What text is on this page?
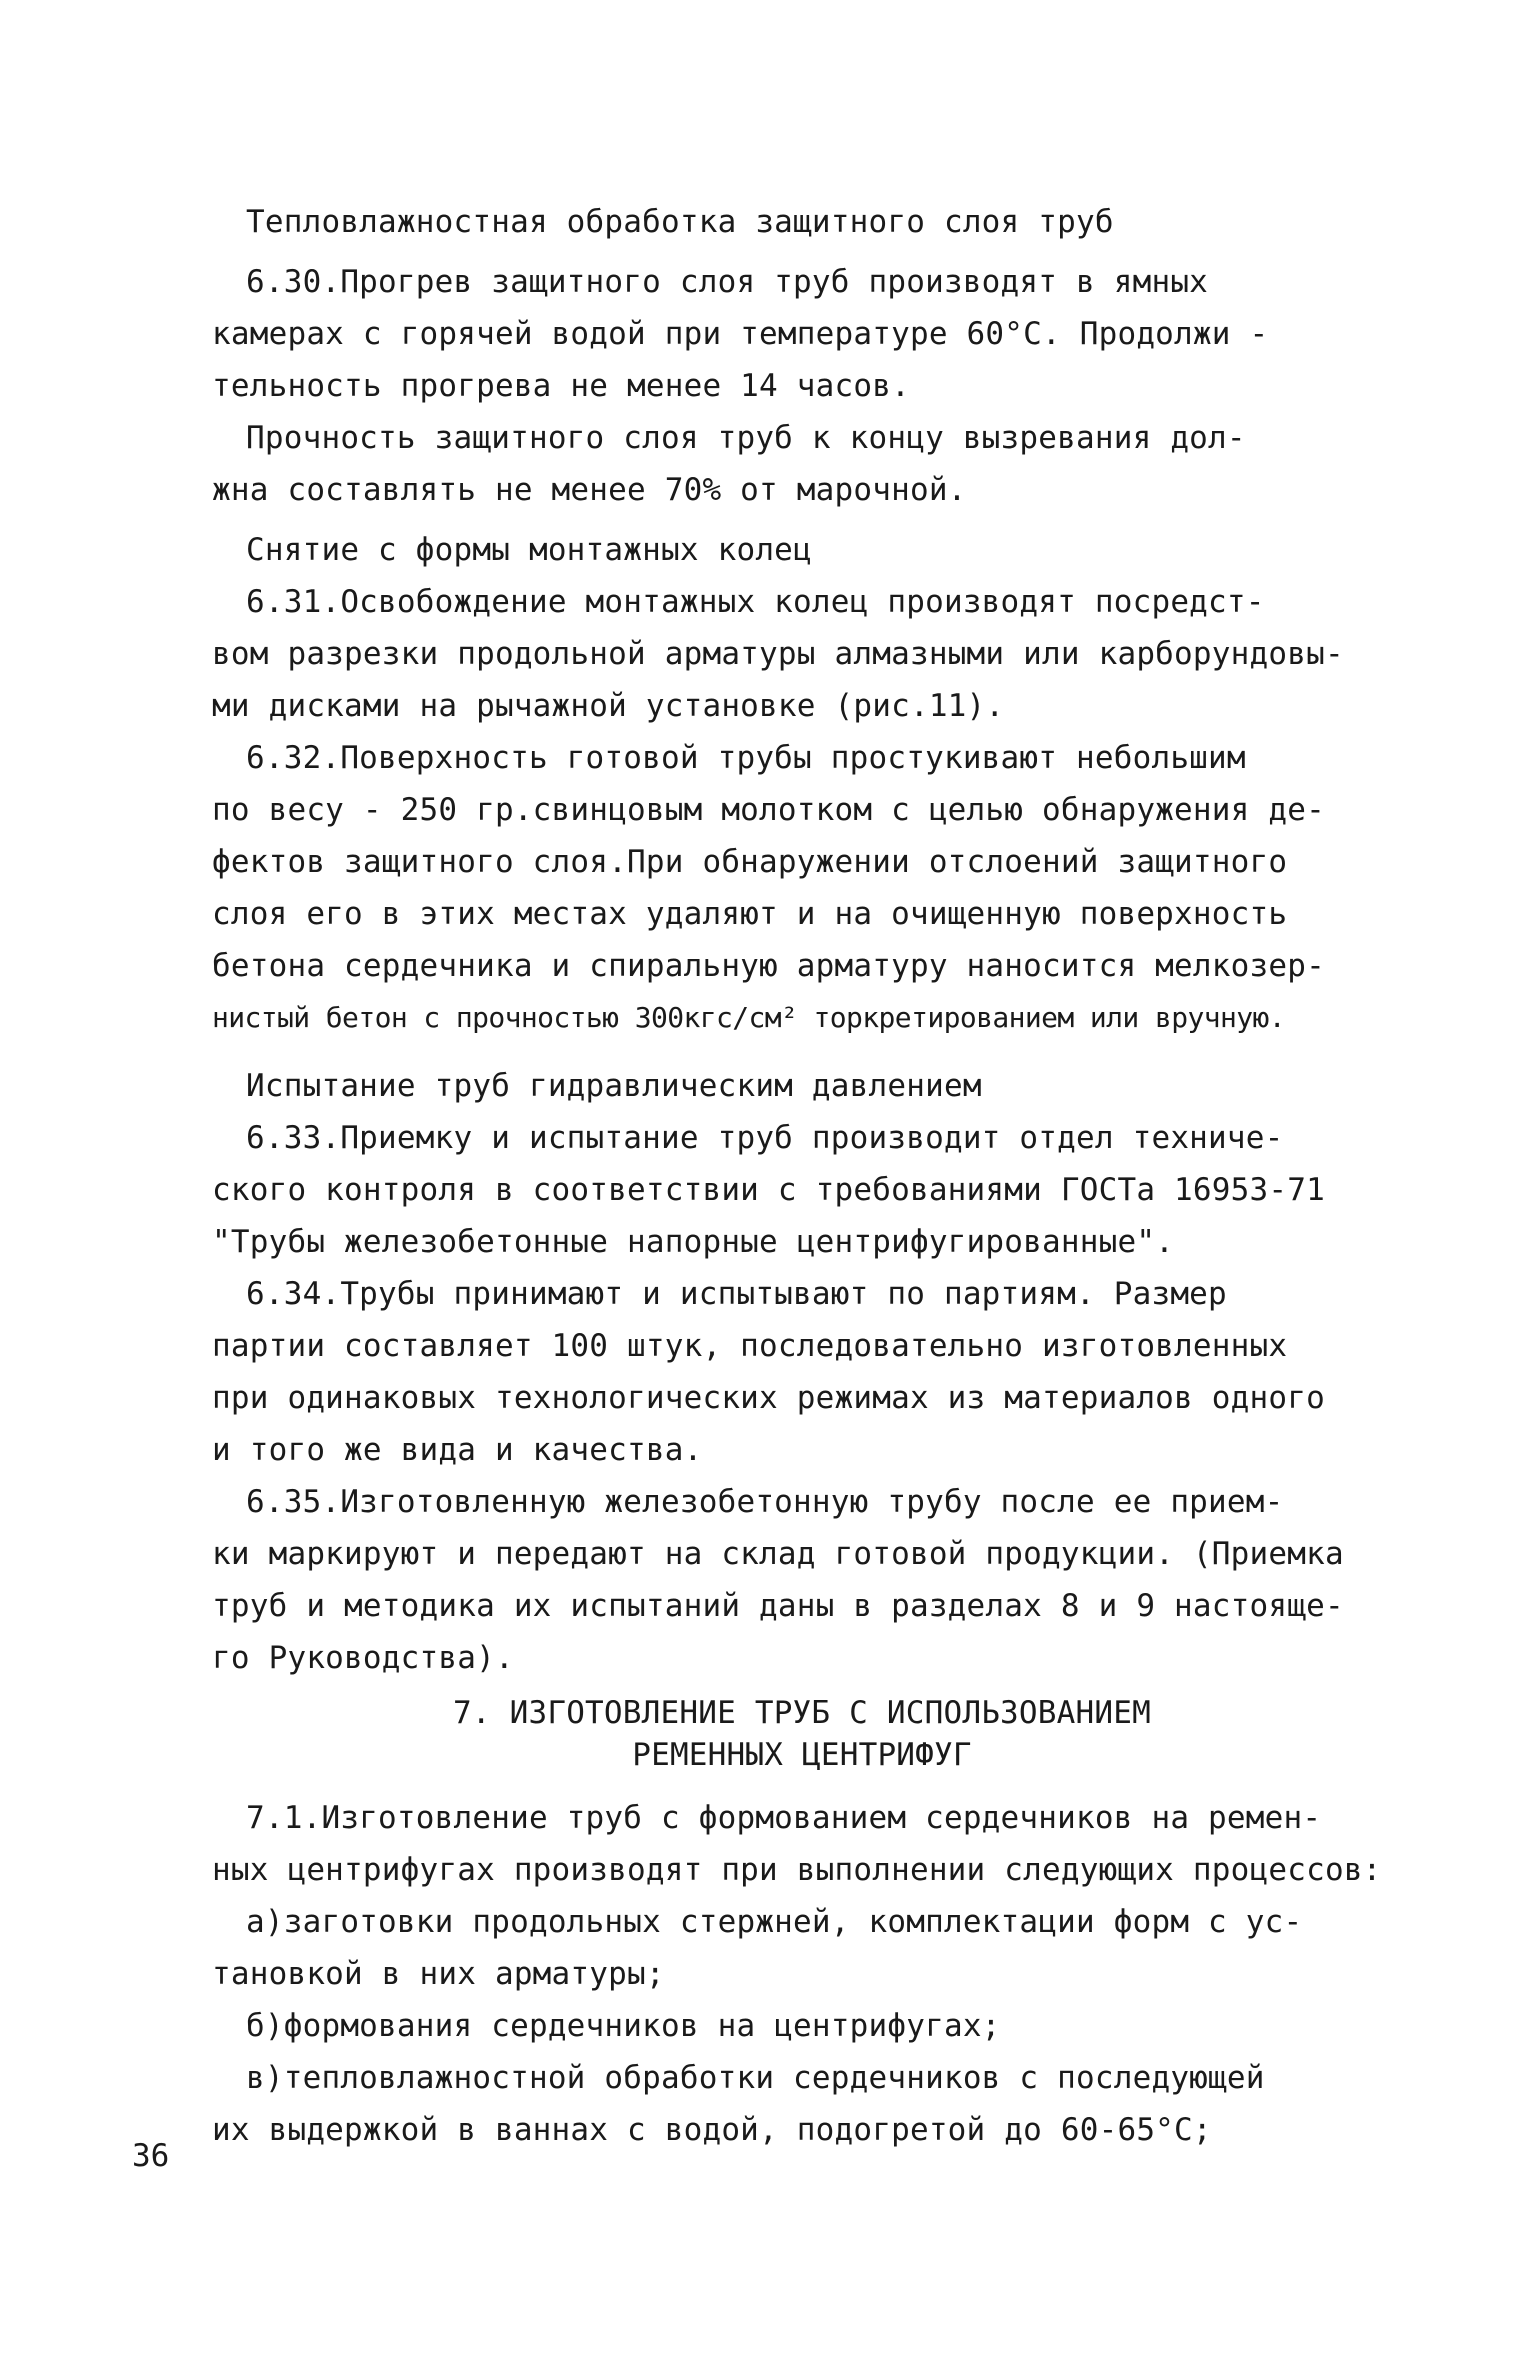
Тепловлажностная обработка защитного слоя труб
6.30.Прогрев защитного слоя труб производят в ямных
камерах с горячей водой при температуре 60°С. Продолжи -
тельность прогрева не менее 14 часов.
Прочность защитного слоя труб к концу вызревания дол-
жна составлять не менее 70% от марочной.
Снятие с формы монтажных колец
6.31.Освобождение монтажных колец производят посредст-
вом разрезки продольной арматуры алмазными или карборундовы-
ми дисками на рычажной установке (рис.11).
6.32.Поверхность готовой трубы простукивают небольшим
по весу - 250 гр.свинцовым молотком с целью обнаружения де-
фектов защитного слоя.При обнаружении отслоений защитного
слоя его в этих местах удаляют и на очищенную поверхность
бетона сердечника и спиральную арматуру наносится мелкозер-
нистый бетон с прочностью 300кгс/см² торкретированием или вручную.
Испытание труб гидравлическим давлением
6.33.Приемку и испытание труб производит отдел техниче-
ского контроля в соответствии с требованиями ГОСТа 16953-71
"Трубы железобетонные напорные центрифугированные".
6.34.Трубы принимают и испытывают по партиям. Размер
партии составляет 100 штук, последовательно изготовленных
при одинаковых технологических режимах из материалов одного
и того же вида и качества.
6.35.Изготовленную железобетонную трубу после ее прием-
ки маркируют и передают на склад готовой продукции. (Приемка
труб и методика их испытаний даны в разделах 8 и 9 настояще-
го Руководства).
7. ИЗГОТОВЛЕНИЕ ТРУБ С ИСПОЛЬЗОВАНИЕМ
РЕМЕННЫХ ЦЕНТРИФУГ
7.1.Изготовление труб с формованием сердечников на ремен-
ных центрифугах производят при выполнении следующих процессов:
а)заготовки продольных стержней, комплектации форм с ус-
тановкой в них арматуры;
б)формования сердечников на центрифугах;
в)тепловлажностной обработки сердечников с последующей
их выдержкой в ваннах с водой, подогретой до 60-65°С;
36
